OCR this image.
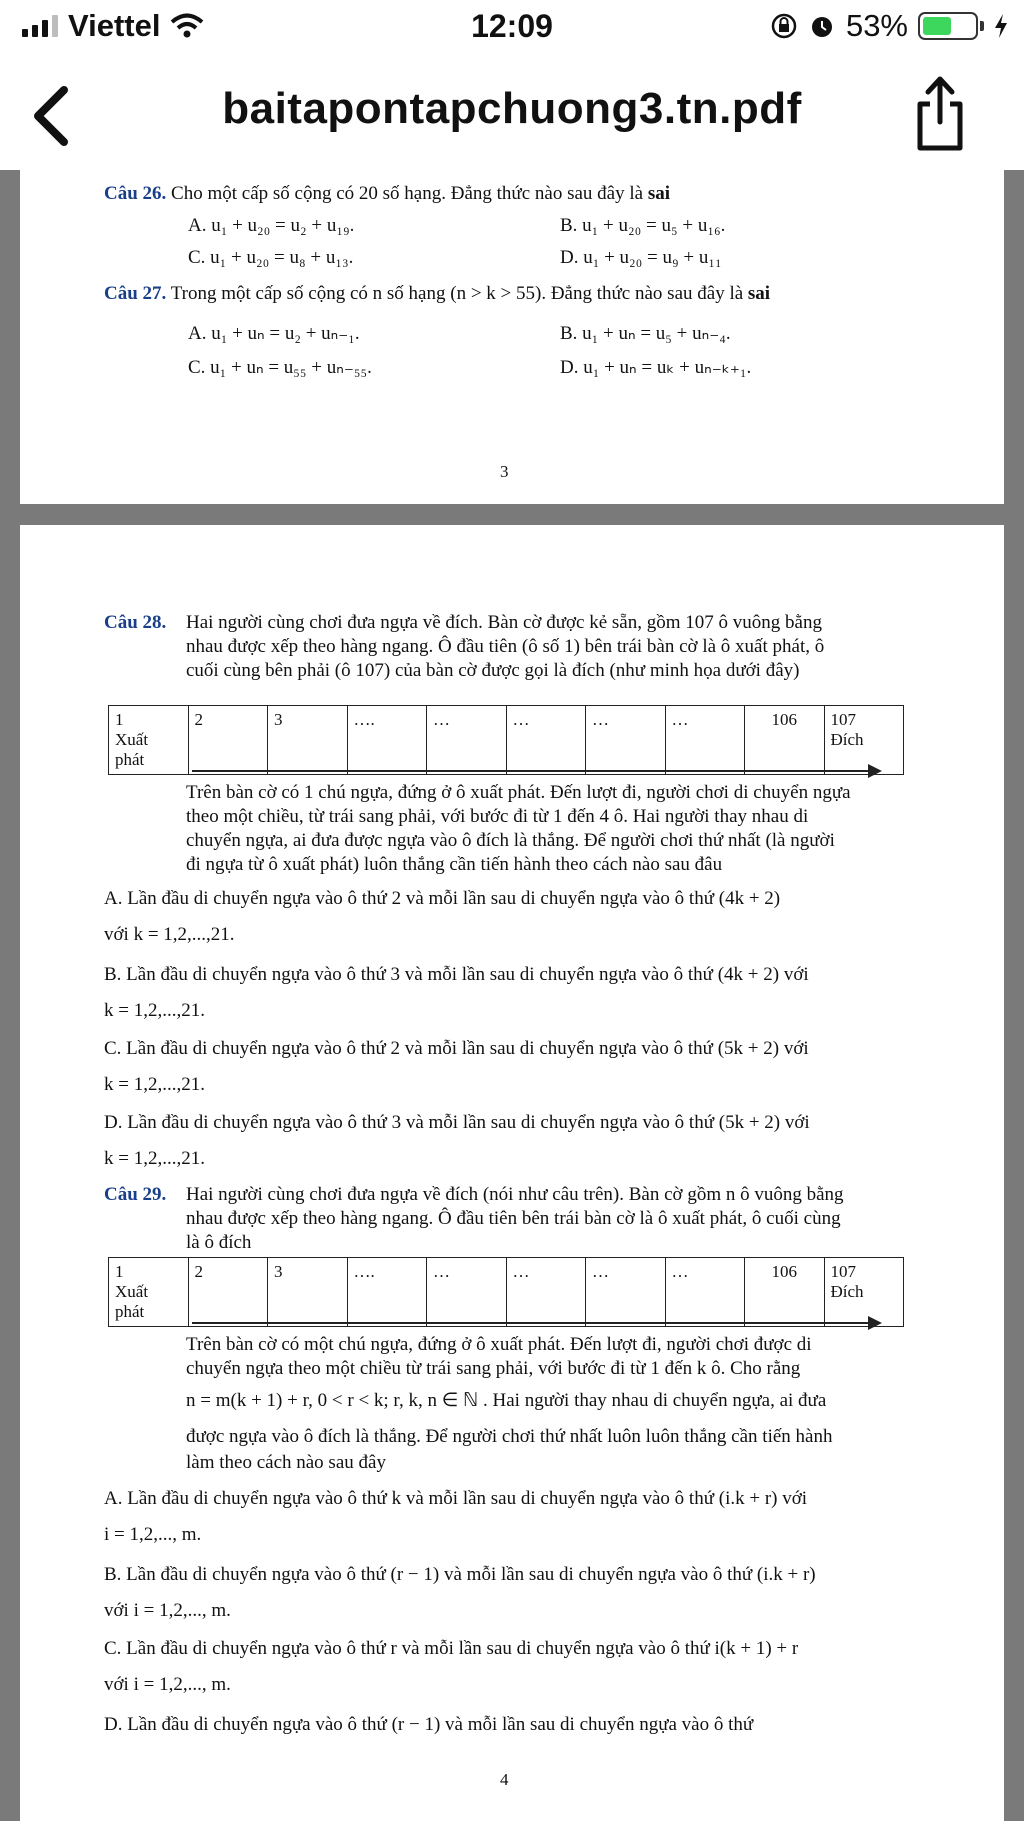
Viettel	12:09	53%
baitapontapchuong3.tn.pdf
Câu 26. Cho một cấp số cộng có 20 số hạng. Đẳng thức nào sau đây là sai
A. u₁ + u₂₀ = u₂ + u₁₉.	B. u₁ + u₂₀ = u₅ + u₁₆.
C. u₁ + u₂₀ = u₈ + u₁₃.	D. u₁ + u₂₀ = u₉ + u₁₁
Câu 27. Trong một cấp số cộng có n số hạng (n > k > 55). Đẳng thức nào sau đây là sai
A. u₁ + uₙ = u₂ + uₙ₋₁.	B. u₁ + uₙ = u₅ + uₙ₋₄.
C. u₁ + uₙ = u₅₅ + uₙ₋₅₅.	D. u₁ + uₙ = uₖ + uₙ₋ₖ₊₁.
3
Câu 28. Hai người cùng chơi đưa ngựa về đích. Bàn cờ được kẻ sẵn, gồm 107 ô vuông bằng
nhau được xếp theo hàng ngang. Ô đầu tiên (ô số 1) bên trái bàn cờ là ô xuất phát, ô
cuối cùng bên phải (ô 107) của bàn cờ được gọi là đích (như minh họa dưới đây)
1
Xuất
phát
	2	3	….	…	…	…	…	106	107
Đích
Trên bàn cờ có 1 chú ngựa, đứng ở ô xuất phát. Đến lượt đi, người chơi di chuyển ngựa
theo một chiều, từ trái sang phải, với bước đi từ 1 đến 4 ô. Hai người thay nhau di
chuyển ngựa, ai đưa được ngựa vào ô đích là thắng. Để người chơi thứ nhất (là người
đi ngựa từ ô xuất phát) luôn thắng cần tiến hành theo cách nào sau đâu
A. Lần đầu di chuyển ngựa vào ô thứ 2 và mỗi lần sau di chuyển ngựa vào ô thứ (4k + 2)
với k = 1,2,...,21.
B. Lần đầu di chuyển ngựa vào ô thứ 3 và mỗi lần sau di chuyển ngựa vào ô thứ (4k + 2) với
k = 1,2,...,21.
C. Lần đầu di chuyển ngựa vào ô thứ 2 và mỗi lần sau di chuyển ngựa vào ô thứ (5k + 2) với
k = 1,2,...,21.
D. Lần đầu di chuyển ngựa vào ô thứ 3 và mỗi lần sau di chuyển ngựa vào ô thứ (5k + 2) với
k = 1,2,...,21.
Câu 29. Hai người cùng chơi đưa ngựa về đích (nói như câu trên). Bàn cờ gồm n ô vuông bằng
nhau được xếp theo hàng ngang. Ô đầu tiên bên trái bàn cờ là ô xuất phát, ô cuối cùng
là ô đích
1
Xuất
phát
	2	3	….	…	…	…	…	106	107
Đích
Trên bàn cờ có một chú ngựa, đứng ở ô xuất phát. Đến lượt đi, người chơi được di
chuyển ngựa theo một chiều từ trái sang phải, với bước đi từ 1 đến k ô. Cho rằng
n = m(k + 1) + r, 0 < r < k; r, k, n ∈ ℕ . Hai người thay nhau di chuyển ngựa, ai đưa
được ngựa vào ô đích là thắng. Để người chơi thứ nhất luôn luôn thắng cần tiến hành
làm theo cách nào sau đây
A. Lần đầu di chuyển ngựa vào ô thứ k và mỗi lần sau di chuyển ngựa vào ô thứ (i.k + r) với
i = 1,2,..., m.
B. Lần đầu di chuyển ngựa vào ô thứ (r − 1) và mỗi lần sau di chuyển ngựa vào ô thứ (i.k + r)
với i = 1,2,..., m.
C. Lần đầu di chuyển ngựa vào ô thứ r và mỗi lần sau di chuyển ngựa vào ô thứ i(k + 1) + r
với i = 1,2,..., m.
D. Lần đầu di chuyển ngựa vào ô thứ (r − 1) và mỗi lần sau di chuyển ngựa vào ô thứ
4
